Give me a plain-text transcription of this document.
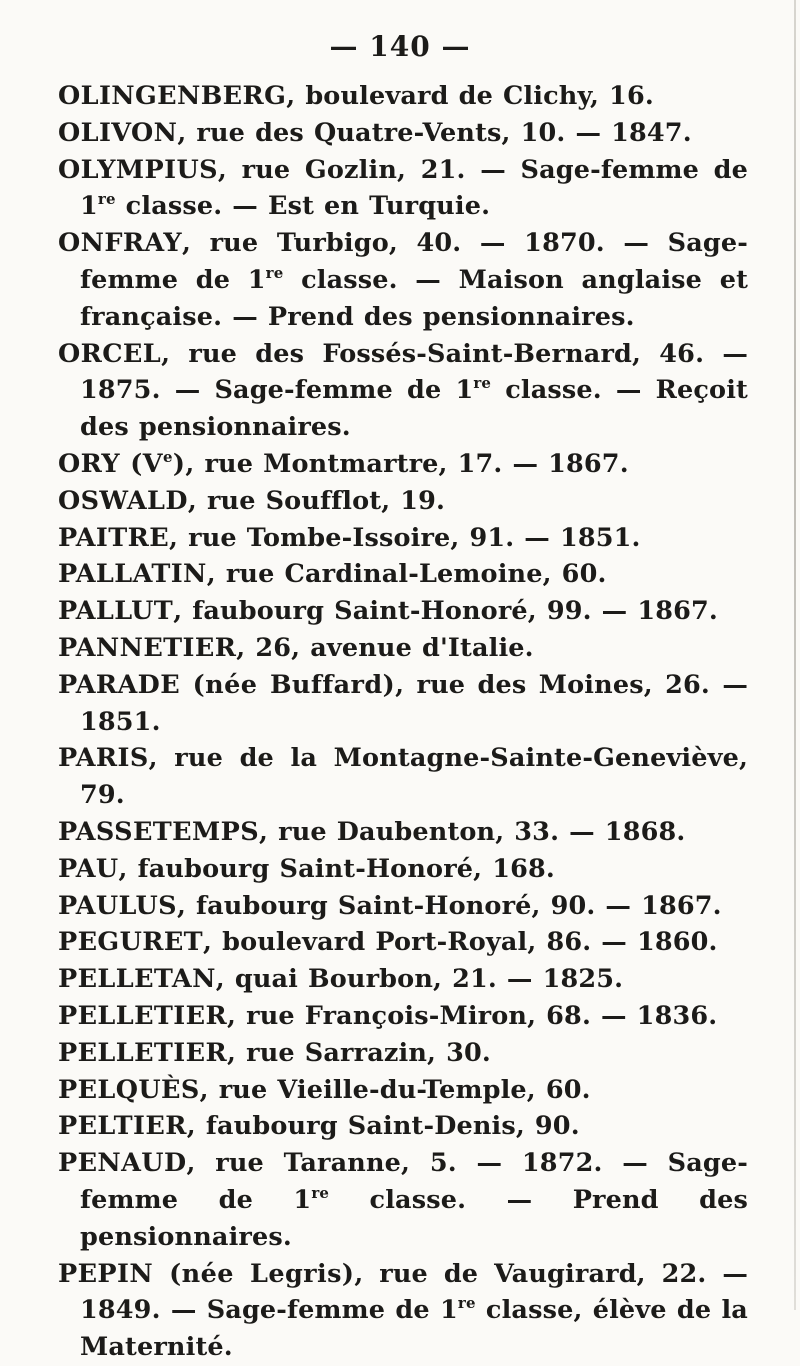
— 140 —
OLINGENBERG, boulevard de Clichy, 16.
OLIVON, rue des Quatre-Vents, 10. — 1847.
OLYMPIUS, rue Gozlin, 21. — Sage-femme de 1re classe. — Est en Turquie.
ONFRAY, rue Turbigo, 40. — 1870. — Sage-femme de 1re classe. — Maison anglaise et française. — Prend des pensionnaires.
ORCEL, rue des Fossés-Saint-Bernard, 46. — 1875. — Sage-femme de 1re classe. — Reçoit des pensionnaires.
ORY (Ve), rue Montmartre, 17. — 1867.
OSWALD, rue Soufflot, 19.
PAITRE, rue Tombe-Issoire, 91. — 1851.
PALLATIN, rue Cardinal-Lemoine, 60.
PALLUT, faubourg Saint-Honoré, 99. — 1867.
PANNETIER, 26, avenue d'Italie.
PARADE (née Buffard), rue des Moines, 26. — 1851.
PARIS, rue de la Montagne-Sainte-Geneviève, 79.
PASSETEMPS, rue Daubenton, 33. — 1868.
PAU, faubourg Saint-Honoré, 168.
PAULUS, faubourg Saint-Honoré, 90. — 1867.
PEGURET, boulevard Port-Royal, 86. — 1860.
PELLETAN, quai Bourbon, 21. — 1825.
PELLETIER, rue François-Miron, 68. — 1836.
PELLETIER, rue Sarrazin, 30.
PELQUÈS, rue Vieille-du-Temple, 60.
PELTIER, faubourg Saint-Denis, 90.
PENAUD, rue Taranne, 5. — 1872. — Sage-femme de 1re classe. — Prend des pensionnaires.
PEPIN (née Legris), rue de Vaugirard, 22. — 1849. — Sage-femme de 1re classe, élève de la Maternité.
